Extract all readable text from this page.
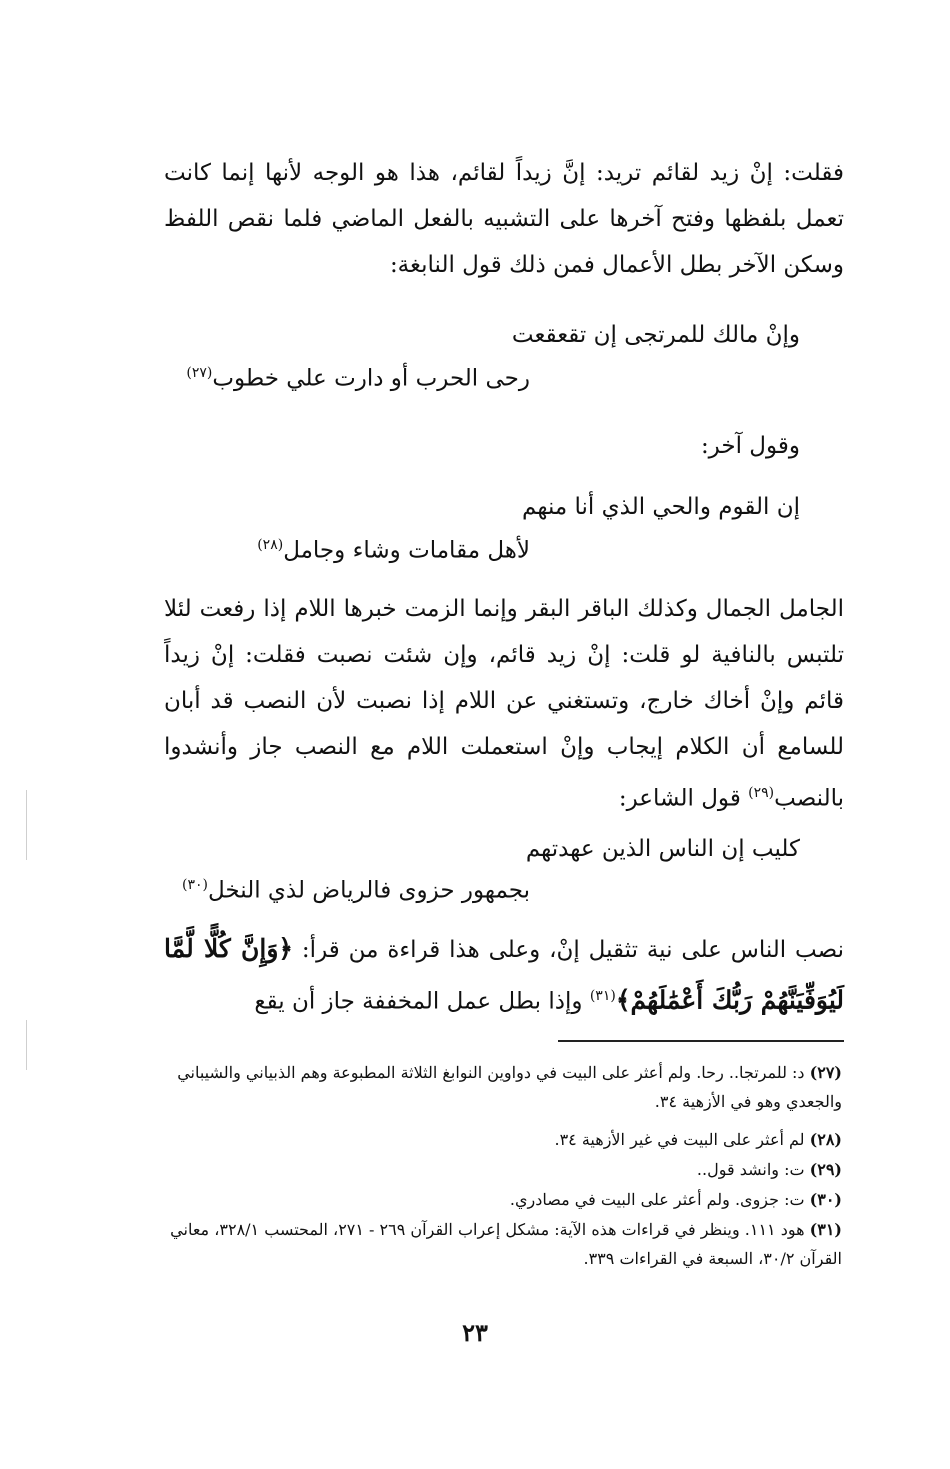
فقلت: إنْ زيد لقائم تريد: إنَّ زيداً لقائم، هذا هو الوجه لأنها إنما كانت تعمل بلفظها وفتح آخرها على التشبيه بالفعل الماضي فلما نقص اللفظ وسكن الآخر بطل الأعمال فمن ذلك قول النابغة:
وإنْ مالك للمرتجى إن تقعقعت
رحى الحرب أو دارت علي خطوب$^{(٢٧)}$
وقول آخر:
إن القوم والحي الذي أنا منهم
لأهل مقامات وشاء وجامل$^{(٢٨)}$
الجامل الجمال وكذلك الباقر البقر وإنما الزمت خبرها اللام إذا رفعت لئلا تلتبس بالنافية لو قلت: إنْ زيد قائم، وإن شئت نصبت فقلت: إنْ زيداً قائم وإنْ أخاك خارج، وتستغني عن اللام إذا نصبت لأن النصب قد أبان للسامع أن الكلام إيجاب وإنْ استعملت اللام مع النصب جاز وأنشدوا بالنصب$^{(٢٩)}$ قول الشاعر:
كليب إن الناس الذين عهدتهم
بجمهور حزوى فالرياض لذي النخل$^{(٣٠)}$
نصب الناس على نية تثقيل إنْ، وعلى هذا قراءة من قرأ: ﴿وَإِنَّ كُلًّا لَّمَّا لَيُوَفِّيَنَّهُمْ رَبُّكَ أَعْمَٰلَهُمْ﴾$^{(٣١)}$ وإذا بطل عمل المخففة جاز أن يقع
(٢٧) د: للمرتجا.. رحا. ولم أعثر على البيت في دواوين النوابغ الثلاثة المطبوعة وهم الذبياني والشيباني والجعدي وهو في الأزهية ٣٤.
(٢٨) لم أعثر على البيت في غير الأزهية ٣٤.
(٢٩) ت: وانشد قول..
(٣٠) ت: جزوى. ولم أعثر على البيت في مصادري.
(٣١) هود ١١١. وينظر في قراءات هذه الآية: مشكل إعراب القرآن ٢٦٩ - ٢٧١، المحتسب ٣٢٨/١، معاني القرآن ٣٠/٢، السبعة في القراءات ٣٣٩.
٢٣
